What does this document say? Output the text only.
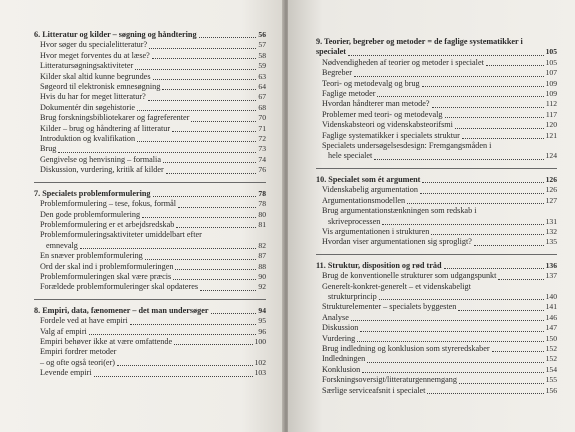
6. Litteratur og kilder – søgning og håndtering	56
Hvor søger du specialelitteratur?	57
Hvor meget forventes du at læse?	58
Litteratursøgningsaktiviteter	59
Kilder skal altid kunne begrundes	63
Søgeord til elektronisk emnesøgning	64
Hvis du har for meget litteratur?	67
Dokumentér din søgehistorie	68
Brug forskningsbibliotekarer og fagreferenter	70
Kilder – brug og håndtering af litteratur	71
Introduktion og kvalifikation	72
Brug	73
Gengivelse og henvisning – formalia	74
Diskussion, vurdering, kritik af kilder	76
7. Specialets problemformulering	78
Problemformulering – tese, fokus, formål	78
Den gode problemformulering	80
Problemformulering er et arbejdsredskab	81
Problemformuleringsaktiviteter umiddelbart efter
emnevalg	82
En snæver problemformulering	87
Ord der skal ind i problemformuleringen	88
Problemformuleringen skal være præcis	90
Forældede problemformuleringer skal opdateres	92
8. Empiri, data, fænomener – det man undersøger	94
Fordele ved at have empiri	95
Valg af empiri	96
Empiri behøver ikke at være omfattende	100
Empiri fordrer metoder
– og ofte også teori(er)	102
Levende empiri	103
9. Teorier, begreber og metoder = de faglige systematikker i
specialet	105
Nødvendigheden af teorier og metoder i specialet	105
Begreber	107
Teori- og metodevalg og brug	109
Faglige metoder	109
Hvordan håndterer man metode?	112
Problemer med teori- og metodevalg	117
Videnskabsteori og videnskabsteorifsmi	120
Faglige systematikker i specialets struktur	121
Specialets undersøgelsesdesign: Fremgangsmåden i
hele specialet	124
10. Specialet som ét argument	126
Videnskabelig argumentation	126
Argumentationsmodellen	127
Brug argumentationstænkningen som redskab i
skriveprocessen	131
Vis argumentationen i strukturen	132
Hvordan viser argumentationen sig sprogligt?	135
11. Struktur, disposition og rød tråd	136
Brug de konventionelle strukturer som udgangspunkt	137
Generelt-konkret-generelt – et videnskabeligt
strukturprincip	140
Strukturelementer – specialets byggesten	141
Analyse	146
Diskussion	147
Vurdering	150
Brug indledning og konklusion som styreredskaber	152
Indledningen	152
Konklusion	154
Forskningsoversigt/litteraturgennemgang	155
Særlige serviceafsnit i specialet	156
